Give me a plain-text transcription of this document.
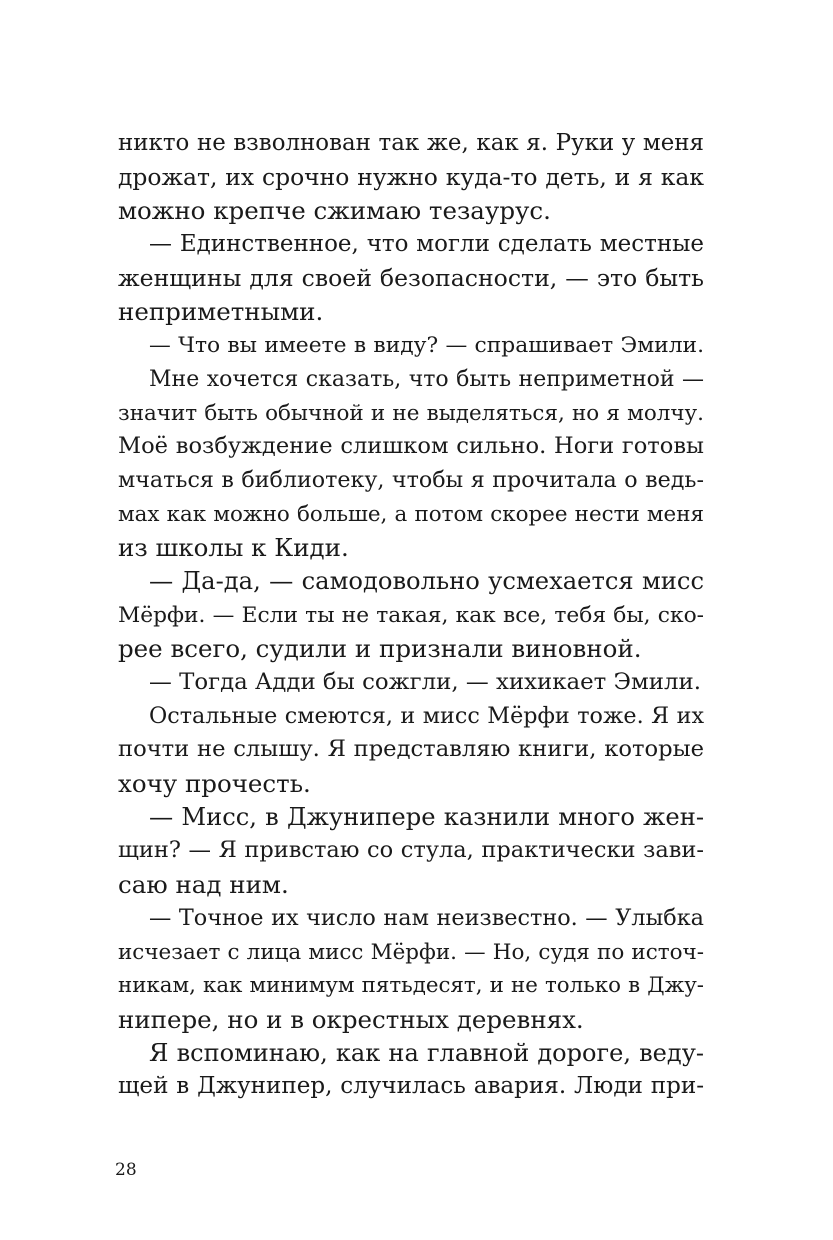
никто не взволнован так же, как я. Руки у меня
дрожат, их срочно нужно куда-то деть, и я как
можно крепче сжимаю тезаурус.
— Единственное, что могли сделать местные
женщины для своей безопасности, — это быть
неприметными.
— Что вы имеете в виду? — спрашивает Эмили.
Мне хочется сказать, что быть неприметной —
значит быть обычной и не выделяться, но я молчу.
Моё возбуждение слишком сильно. Ноги готовы
мчаться в библиотеку, чтобы я прочитала о ведь-
мах как можно больше, а потом скорее нести меня
из школы к Киди.
— Да-да, — самодовольно усмехается мисс
Мёрфи. — Если ты не такая, как все, тебя бы, ско-
рее всего, судили и признали виновной.
— Тогда Адди бы сожгли, — хихикает Эмили.
Остальные смеются, и мисс Мёрфи тоже. Я их
почти не слышу. Я представляю книги, которые
хочу прочесть.
— Мисс, в Джунипере казнили много жен-
щин? — Я привстаю со стула, практически зави-
саю над ним.
— Точное их число нам неизвестно. — Улыбка
исчезает с лица мисс Мёрфи. — Но, судя по источ-
никам, как минимум пятьдесят, и не только в Джу-
нипере, но и в окрестных деревнях.
Я вспоминаю, как на главной дороге, веду-
щей в Джунипер, случилась авария. Люди при-
28
